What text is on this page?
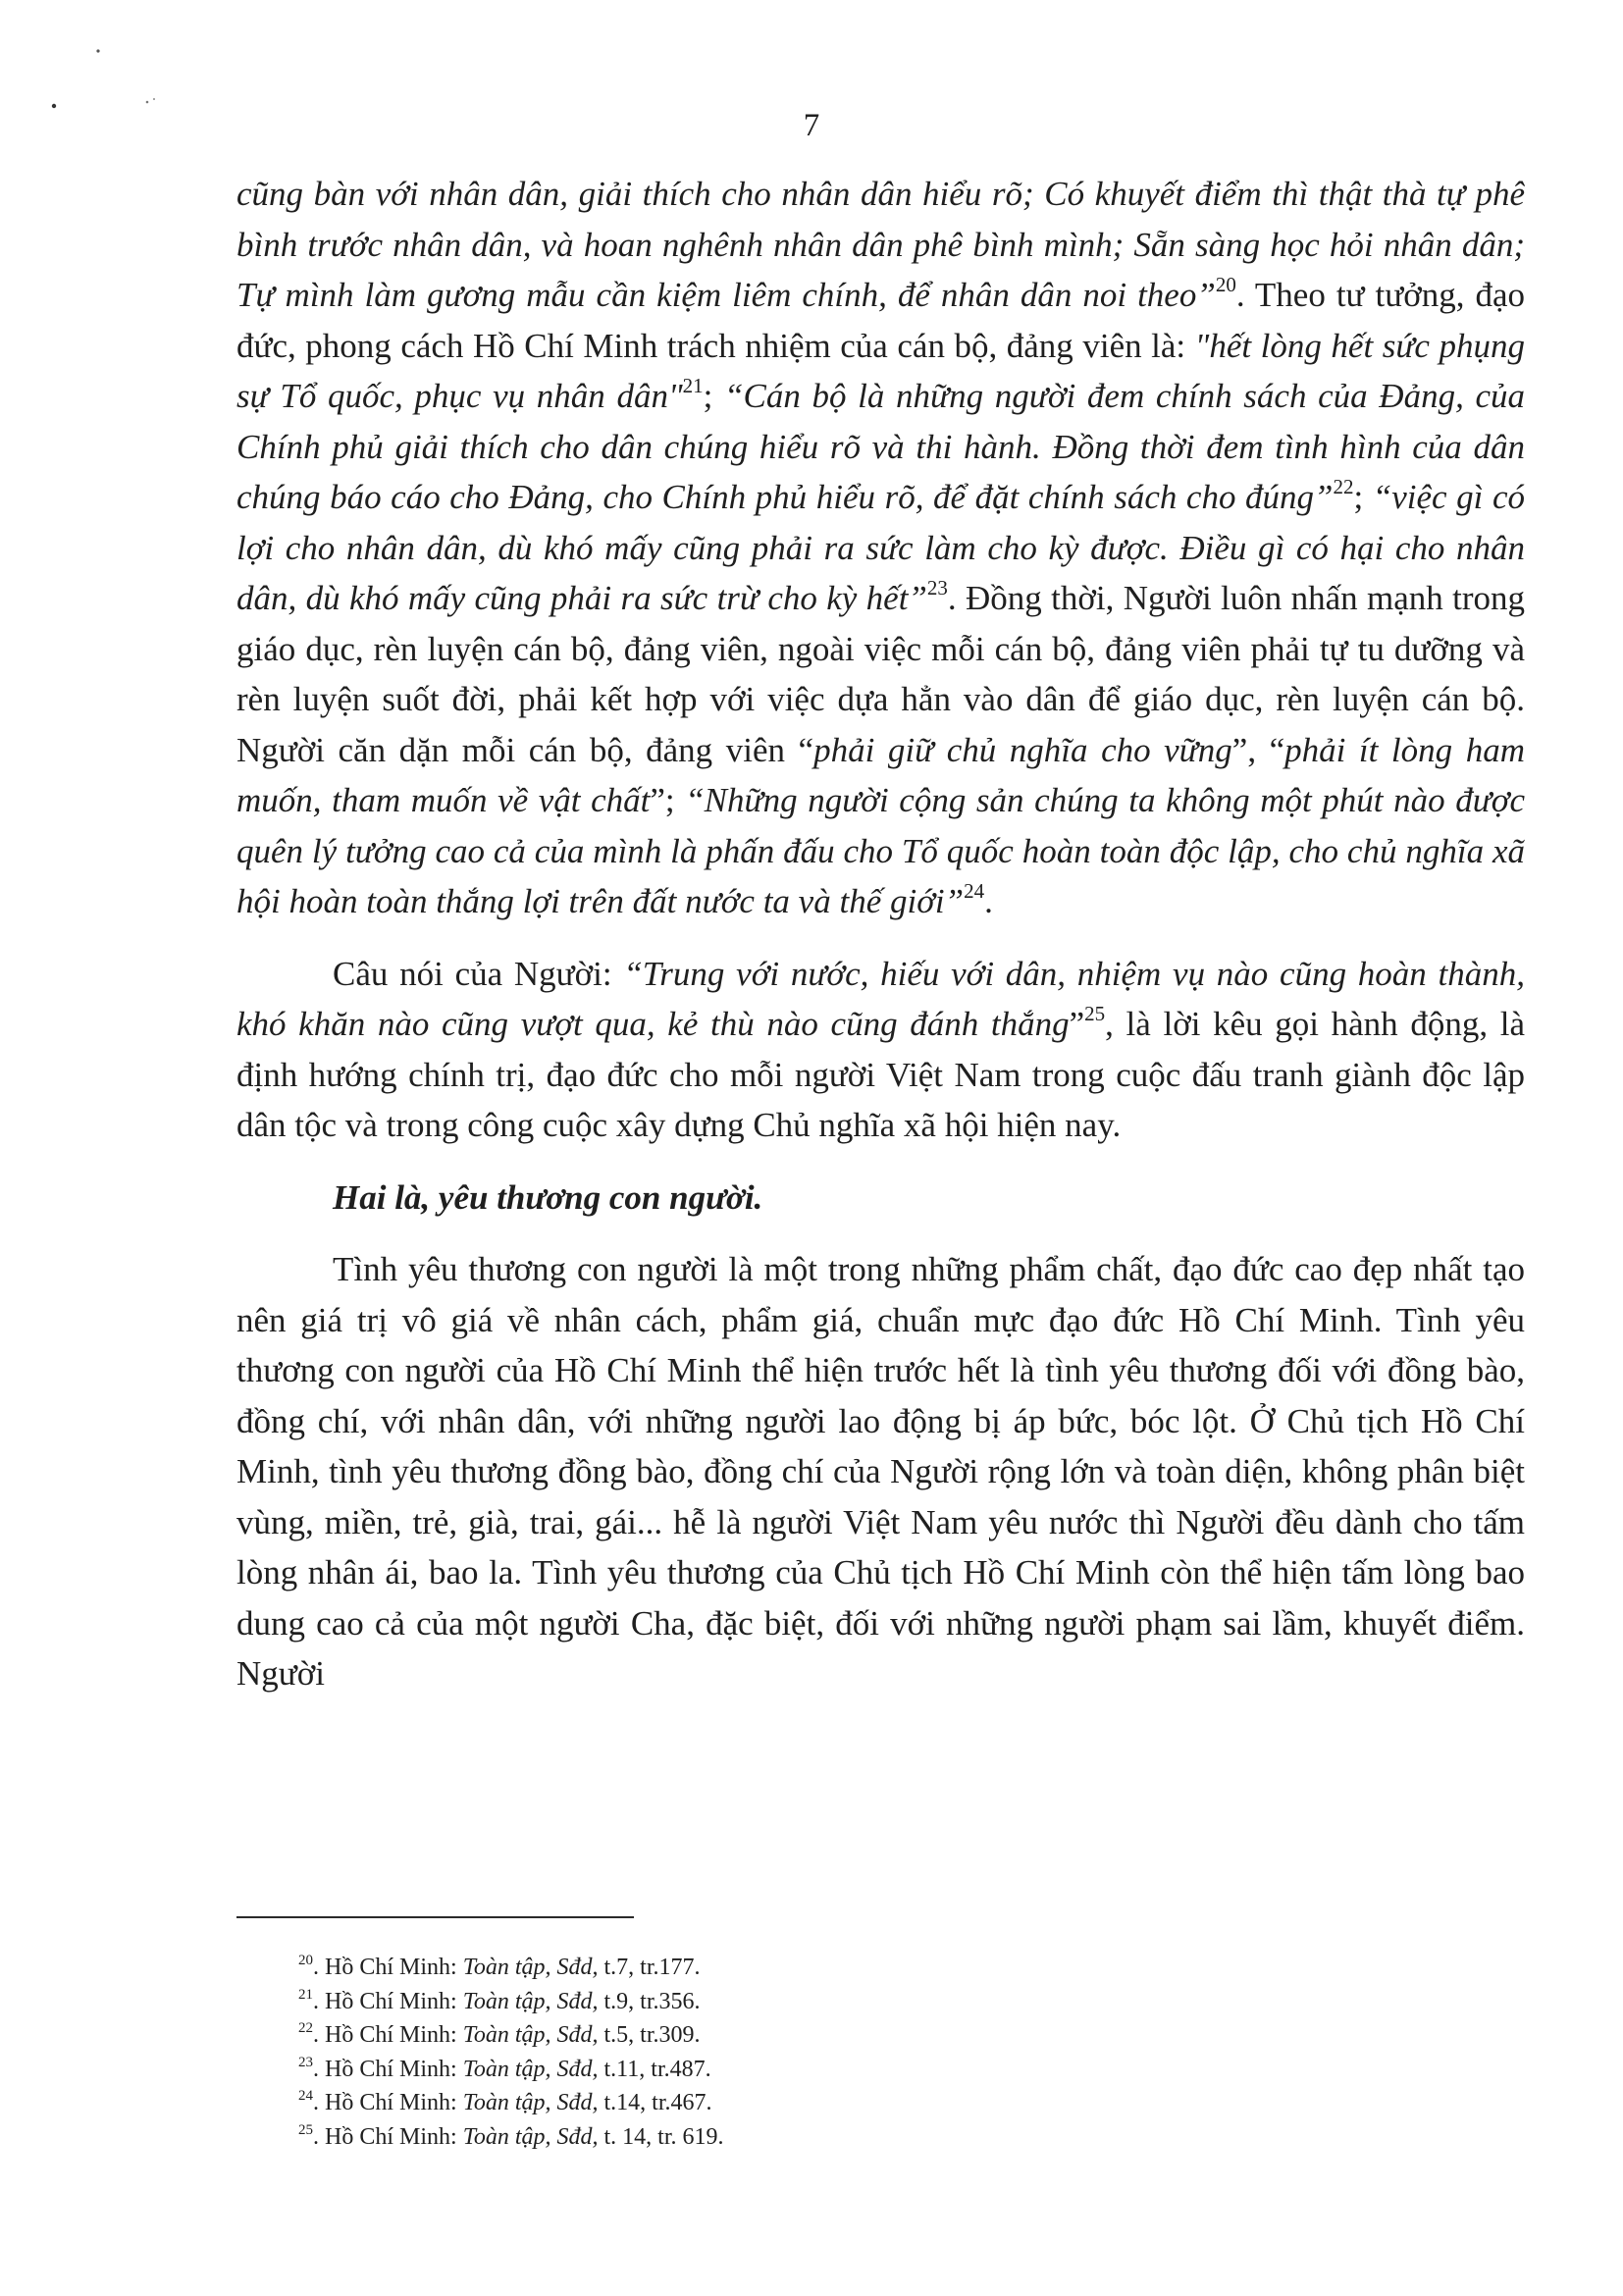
7

cũng bàn với nhân dân, giải thích cho nhân dân hiểu rõ; Có khuyết điểm thì thật thà tự phê bình trước nhân dân, và hoan nghênh nhân dân phê bình mình; Sẵn sàng học hỏi nhân dân; Tự mình làm gương mẫu cần kiệm liêm chính, để nhân dân noi theo”$^{20}$. Theo tư tưởng, đạo đức, phong cách Hồ Chí Minh trách nhiệm của cán bộ, đảng viên là: "hết lòng hết sức phụng sự Tổ quốc, phục vụ nhân dân"$^{21}$; “Cán bộ là những người đem chính sách của Đảng, của Chính phủ giải thích cho dân chúng hiểu rõ và thi hành. Đồng thời đem tình hình của dân chúng báo cáo cho Đảng, cho Chính phủ hiểu rõ, để đặt chính sách cho đúng”$^{22}$; “việc gì có lợi cho nhân dân, dù khó mấy cũng phải ra sức làm cho kỳ được. Điều gì có hại cho nhân dân, dù khó mấy cũng phải ra sức trừ cho kỳ hết”$^{23}$. Đồng thời, Người luôn nhấn mạnh trong giáo dục, rèn luyện cán bộ, đảng viên, ngoài việc mỗi cán bộ, đảng viên phải tự tu dưỡng và rèn luyện suốt đời, phải kết hợp với việc dựa hẳn vào dân để giáo dục, rèn luyện cán bộ. Người căn dặn mỗi cán bộ, đảng viên “phải giữ chủ nghĩa cho vững”, “phải ít lòng ham muốn, tham muốn về vật chất”; “Những người cộng sản chúng ta không một phút nào được quên lý tưởng cao cả của mình là phấn đấu cho Tổ quốc hoàn toàn độc lập, cho chủ nghĩa xã hội hoàn toàn thắng lợi trên đất nước ta và thế giới”$^{24}$.

Câu nói của Người: “Trung với nước, hiếu với dân, nhiệm vụ nào cũng hoàn thành, khó khăn nào cũng vượt qua, kẻ thù nào cũng đánh thắng”$^{25}$, là lời kêu gọi hành động, là định hướng chính trị, đạo đức cho mỗi người Việt Nam trong cuộc đấu tranh giành độc lập dân tộc và trong công cuộc xây dựng Chủ nghĩa xã hội hiện nay.

Hai là, yêu thương con người.

Tình yêu thương con người là một trong những phẩm chất, đạo đức cao đẹp nhất tạo nên giá trị vô giá về nhân cách, phẩm giá, chuẩn mực đạo đức Hồ Chí Minh. Tình yêu thương con người của Hồ Chí Minh thể hiện trước hết là tình yêu thương đối với đồng bào, đồng chí, với nhân dân, với những người lao động bị áp bức, bóc lột. Ở Chủ tịch Hồ Chí Minh, tình yêu thương đồng bào, đồng chí của Người rộng lớn và toàn diện, không phân biệt vùng, miền, trẻ, già, trai, gái... hễ là người Việt Nam yêu nước thì Người đều dành cho tấm lòng nhân ái, bao la. Tình yêu thương của Chủ tịch Hồ Chí Minh còn thể hiện tấm lòng bao dung cao cả của một người Cha, đặc biệt, đối với những người phạm sai lầm, khuyết điểm. Người

$^{20}$. Hồ Chí Minh: Toàn tập, Sđd, t.7, tr.177.
$^{21}$. Hồ Chí Minh: Toàn tập, Sđd, t.9, tr.356.
$^{22}$. Hồ Chí Minh: Toàn tập, Sđd, t.5, tr.309.
$^{23}$. Hồ Chí Minh: Toàn tập, Sđd, t.11, tr.487.
$^{24}$. Hồ Chí Minh: Toàn tập, Sđd, t.14, tr.467.
$^{25}$. Hồ Chí Minh: Toàn tập, Sđd, t. 14, tr. 619.
